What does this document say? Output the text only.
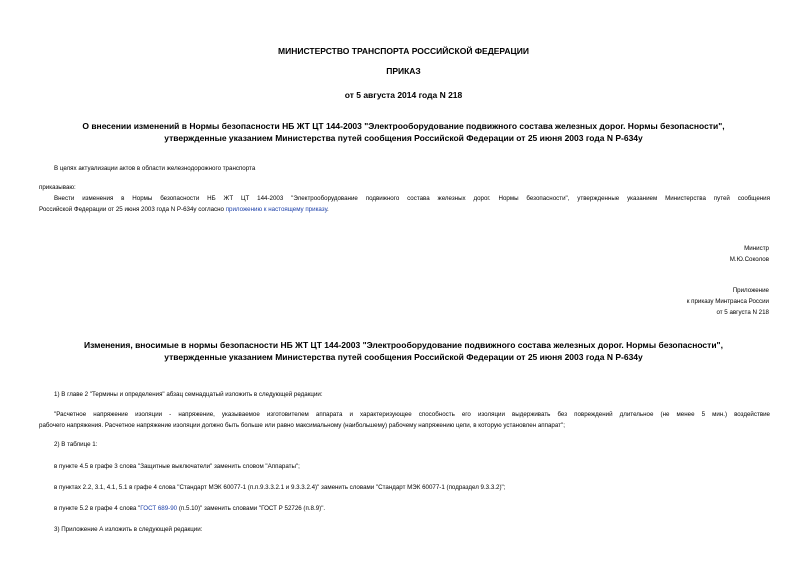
МИНИСТЕРСТВО ТРАНСПОРТА РОССИЙСКОЙ ФЕДЕРАЦИИ
ПРИКАЗ
от 5 августа 2014 года N 218
О внесении изменений в Нормы безопасности НБ ЖТ ЦТ 144-2003 "Электрооборудование подвижного состава железных дорог. Нормы безопасности",
утвержденные указанием Министерства путей сообщения Российской Федерации от 25 июня 2003 года N Р-634у
В целях актуализации актов в области железнодорожного транспорта
приказываю:
Внести изменения в Нормы безопасности НБ ЖТ ЦТ 144-2003 "Электрооборудование подвижного состава железных дорог. Нормы безопасности", утвержденные указанием Министерства путей сообщения
Российской Федерации от 25 июня 2003 года N Р-634у согласно приложению к настоящему приказу.
Министр
М.Ю.Соколов
Приложение
к приказу Минтранса России
от 5 августа N 218
Изменения, вносимые в нормы безопасности НБ ЖТ ЦТ 144-2003 "Электрооборудование подвижного состава железных дорог. Нормы безопасности",
утвержденные указанием Министерства путей сообщения Российской Федерации от 25 июня 2003 года N Р-634у
1) В главе 2 "Термины и определения" абзац семнадцатый изложить в следующей редакции:
"Расчетное напряжение изоляции - напряжение, указываемое изготовителем аппарата и характеризующее способность его изоляции выдерживать без повреждений длительное (не менее 5 мин.) воздействие
рабочего напряжения. Расчетное напряжение изоляции должно быть больше или равно максимальному (наибольшему) рабочему напряжению цепи, в которую установлен аппарат";
2) В таблице 1:
в пункте 4.5 в графе 3 слова "Защитные выключатели" заменить словом "Аппараты";
в пунктах 2.2, 3.1, 4.1, 5.1 в графе 4 слова "Стандарт МЭК 60077-1 (п.п.9.3.3.2.1 и 9.3.3.2.4)" заменить словами "Стандарт МЭК 60077-1 (подраздел 9.3.3.2)";
в пункте 5.2 в графе 4 слова "ГОСТ 689-90 (п.5.10)" заменить словами "ГОСТ Р 52726 (п.8.9)".
3) Приложение А изложить в следующей редакции:
